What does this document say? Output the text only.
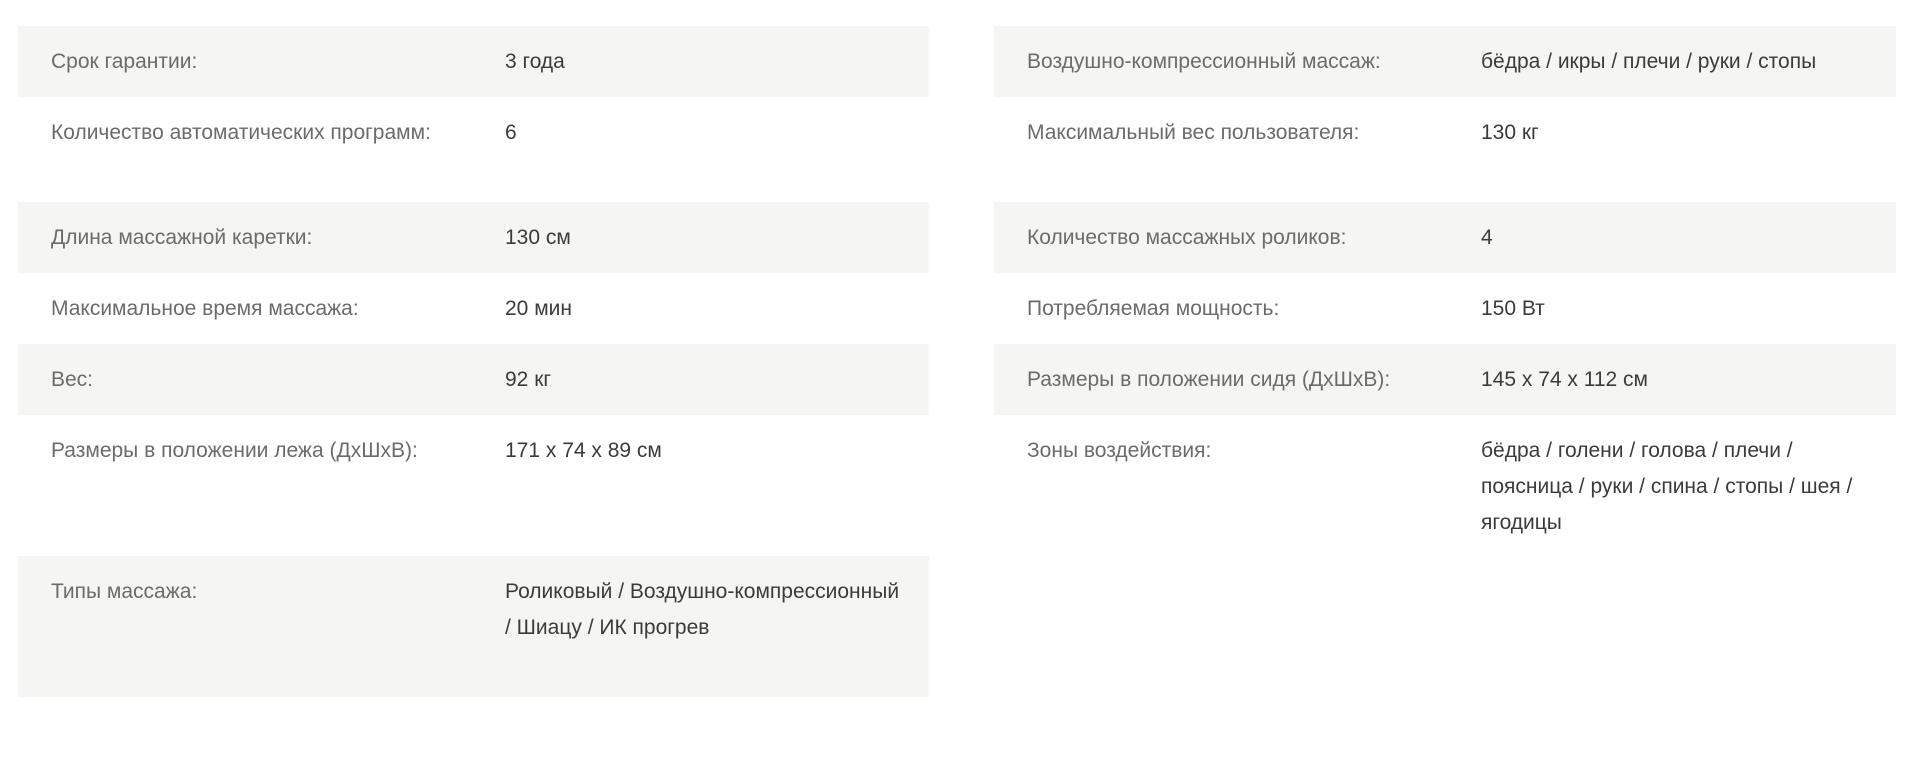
Срок гарантии:	3 года
Количество автоматических программ:	6
Длина массажной каретки:	130 см
Максимальное время массажа:	20 мин
Вес:	92 кг
Размеры в положении лежа (ДхШхВ):	171 x 74 x 89 см
Типы массажа:	Роликовый / Воздушно-компрессионный / Шиацу / ИК прогрев
Воздушно-компрессионный массаж:	бёдра / икры / плечи / руки / стопы
Максимальный вес пользователя:	130 кг
Количество массажных роликов:	4
Потребляемая мощность:	150 Вт
Размеры в положении сидя (ДхШхВ):	145 x 74 x 112 см
Зоны воздействия:	бёдра / голени / голова / плечи / поясница / руки / спина / стопы / шея / ягодицы
